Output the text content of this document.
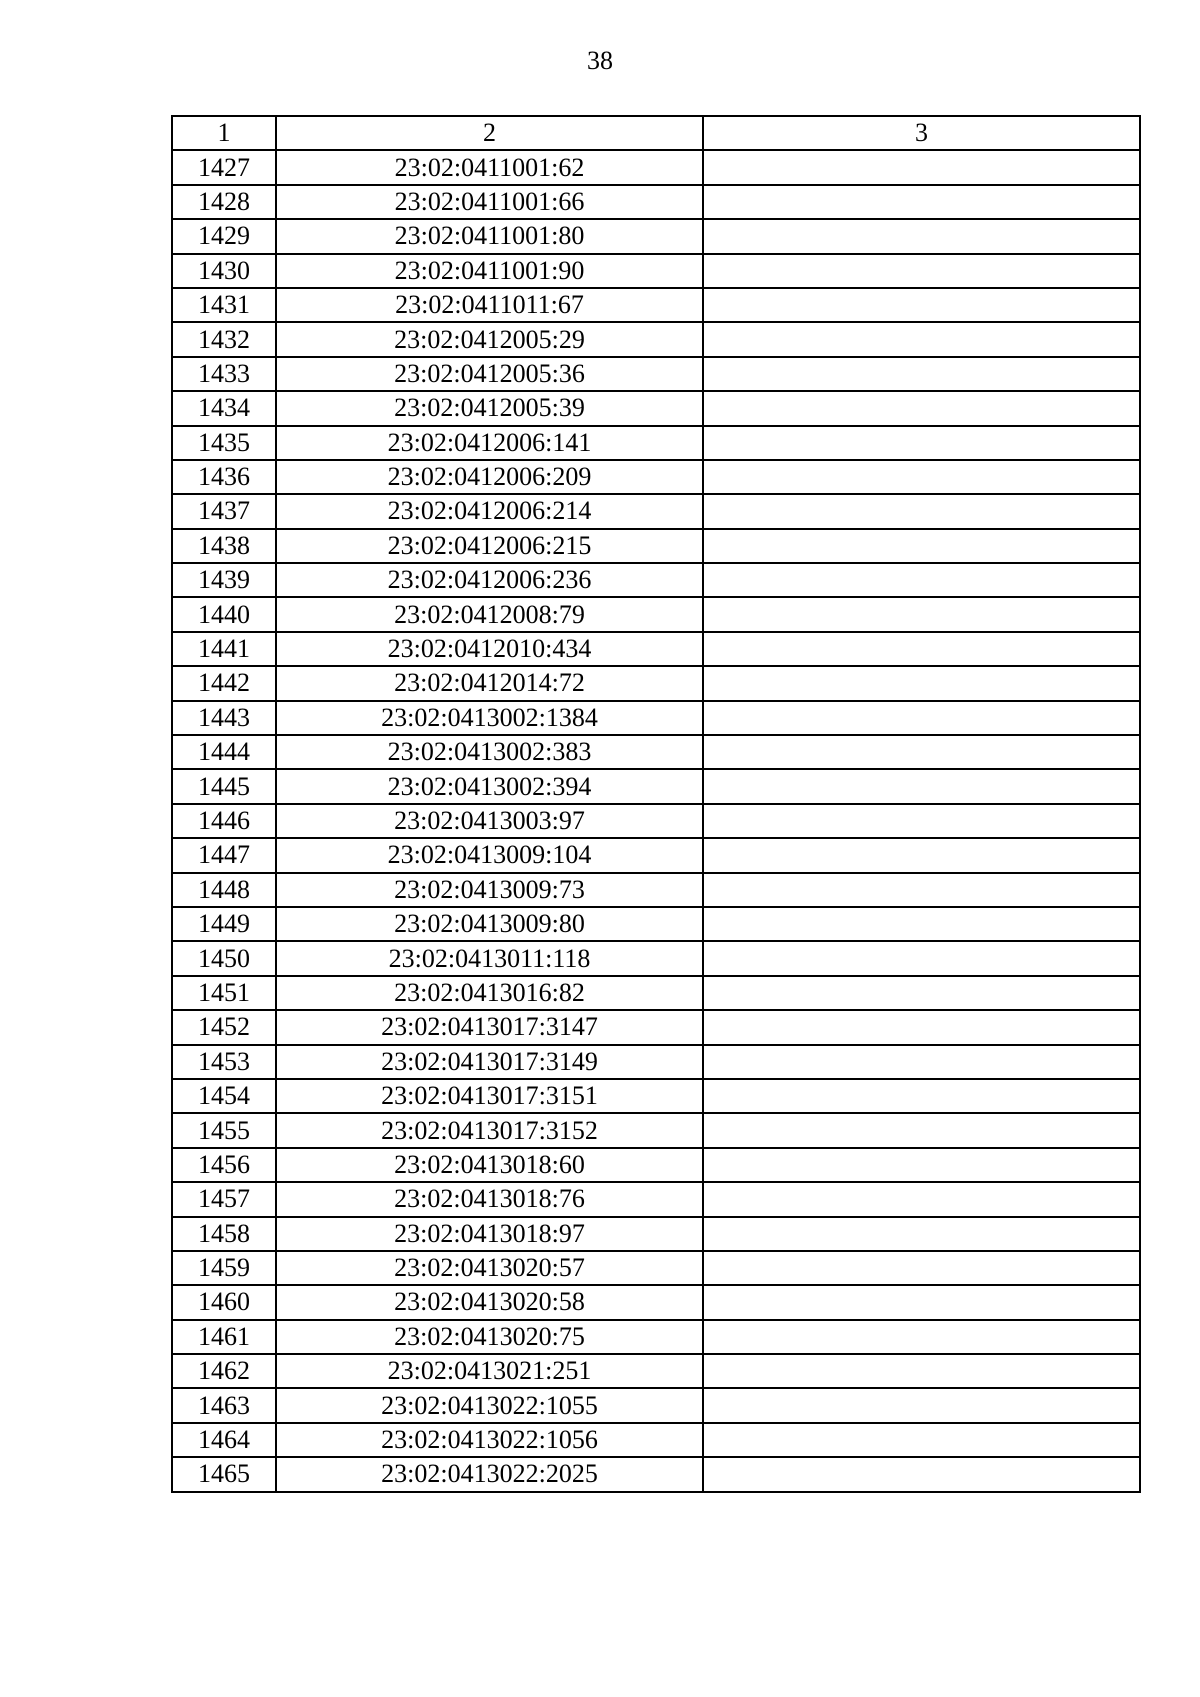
38
1	2	3
1427	23:02:0411001:62	
1428	23:02:0411001:66	
1429	23:02:0411001:80	
1430	23:02:0411001:90	
1431	23:02:0411011:67	
1432	23:02:0412005:29	
1433	23:02:0412005:36	
1434	23:02:0412005:39	
1435	23:02:0412006:141	
1436	23:02:0412006:209	
1437	23:02:0412006:214	
1438	23:02:0412006:215	
1439	23:02:0412006:236	
1440	23:02:0412008:79	
1441	23:02:0412010:434	
1442	23:02:0412014:72	
1443	23:02:0413002:1384	
1444	23:02:0413002:383	
1445	23:02:0413002:394	
1446	23:02:0413003:97	
1447	23:02:0413009:104	
1448	23:02:0413009:73	
1449	23:02:0413009:80	
1450	23:02:0413011:118	
1451	23:02:0413016:82	
1452	23:02:0413017:3147	
1453	23:02:0413017:3149	
1454	23:02:0413017:3151	
1455	23:02:0413017:3152	
1456	23:02:0413018:60	
1457	23:02:0413018:76	
1458	23:02:0413018:97	
1459	23:02:0413020:57	
1460	23:02:0413020:58	
1461	23:02:0413020:75	
1462	23:02:0413021:251	
1463	23:02:0413022:1055	
1464	23:02:0413022:1056	
1465	23:02:0413022:2025	
